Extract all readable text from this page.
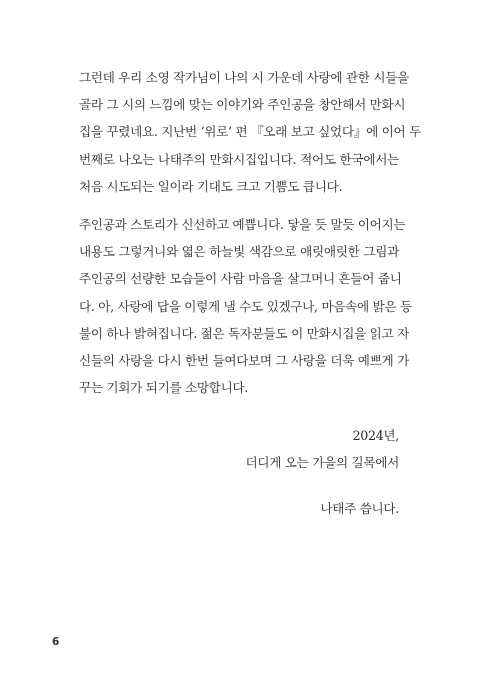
그런데 우리 소영 작가님이 나의 시 가운데 사랑에 관한 시들을
골라 그 시의 느낌에 맞는 이야기와 주인공을 창안해서 만화시
집을 꾸렸네요. 지난번 ‘위로’ 편 『오래 보고 싶었다』에 이어 두
번째로 나오는 나태주의 만화시집입니다. 적어도 한국에서는
처음 시도되는 일이라 기대도 크고 기쁨도 큽니다.

주인공과 스토리가 신선하고 예쁩니다. 닿을 듯 말듯 이어지는
내용도 그렇거니와 엷은 하늘빛 색감으로 애릿애릿한 그림과
주인공의 선량한 모습들이 사람 마음을 살그머니 흔들어 줍니
다. 아, 사랑에 답을 이렇게 낼 수도 있겠구나, 마음속에 밝은 등
불이 하나 밝혀집니다. 젊은 독자분들도 이 만화시집을 읽고 자
신들의 사랑을 다시 한번 들여다보며 그 사랑을 더욱 예쁘게 가
꾸는 기회가 되기를 소망합니다.

2024년,
더디게 오는 가을의 길목에서
나태주 씁니다.
6
